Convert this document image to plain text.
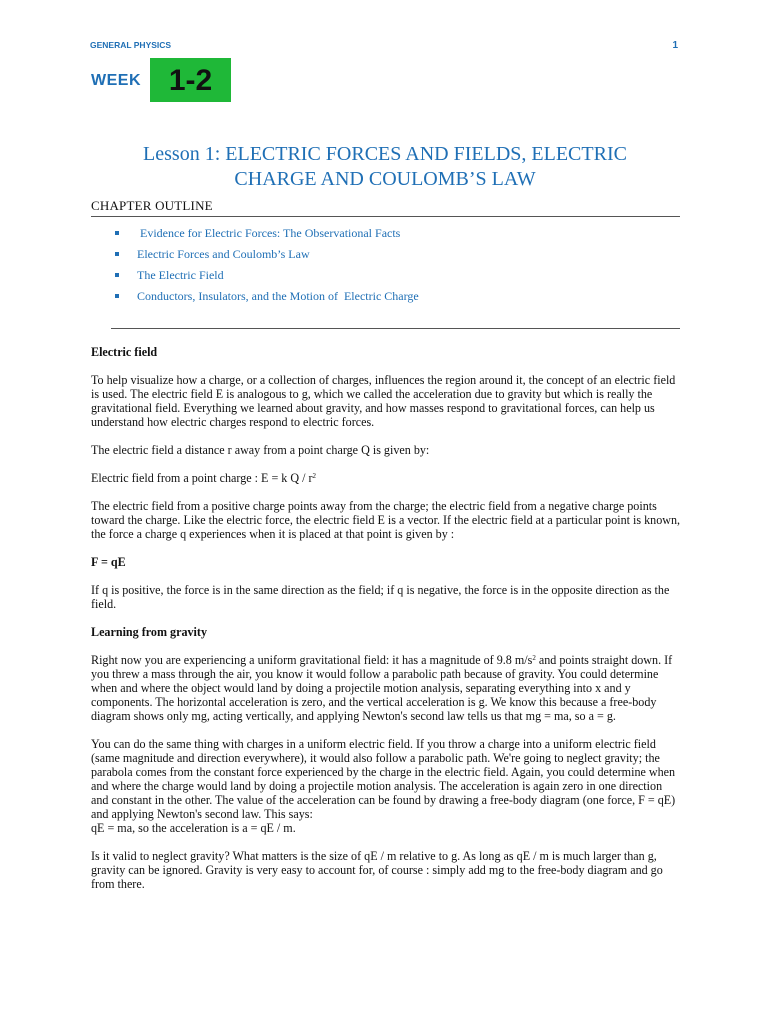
GENERAL PHYSICS	1
WEEK 1-2
Lesson 1: ELECTRIC FORCES AND FIELDS, ELECTRIC
CHARGE AND COULOMB’S LAW
CHAPTER OUTLINE
Evidence for Electric Forces: The Observational Facts
Electric Forces and Coulomb’s Law
The Electric Field
Conductors, Insulators, and the Motion of  Electric Charge
Electric field

To help visualize how a charge, or a collection of charges, influences the region around it, the concept of an electric field is used. The electric field E is analogous to g, which we called the acceleration due to gravity but which is really the gravitational field. Everything we learned about gravity, and how masses respond to gravitational forces, can help us understand how electric charges respond to electric forces.

The electric field a distance r away from a point charge Q is given by:

Electric field from a point charge : E = k Q / $r^2$

The electric field from a positive charge points away from the charge; the electric field from a negative charge points toward the charge. Like the electric force, the electric field E is a vector. If the electric field at a particular point is known, the force a charge q experiences when it is placed at that point is given by :

F = qE

If q is positive, the force is in the same direction as the field; if q is negative, the force is in the opposite direction as the field.

Learning from gravity

Right now you are experiencing a uniform gravitational field: it has a magnitude of 9.8 $m/s^2$ and points straight down. If you threw a mass through the air, you know it would follow a parabolic path because of gravity. You could determine when and where the object would land by doing a projectile motion analysis, separating everything into x and y components. The horizontal acceleration is zero, and the vertical acceleration is g. We know this because a free-body diagram shows only mg, acting vertically, and applying Newton's second law tells us that mg = ma, so a = g.

You can do the same thing with charges in a uniform electric field. If you throw a charge into a uniform electric field (same magnitude and direction everywhere), it would also follow a parabolic path. We're going to neglect gravity; the parabola comes from the constant force experienced by the charge in the electric field. Again, you could determine when and where the charge would land by doing a projectile motion analysis. The acceleration is again zero in one direction and constant in the other. The value of the acceleration can be found by drawing a free-body diagram (one force, F = qE) and applying Newton's second law. This says:
qE = ma, so the acceleration is a = qE / m.

Is it valid to neglect gravity? What matters is the size of qE / m relative to g. As long as qE / m is much larger than g, gravity can be ignored. Gravity is very easy to account for, of course : simply add mg to the free-body diagram and go from there.
